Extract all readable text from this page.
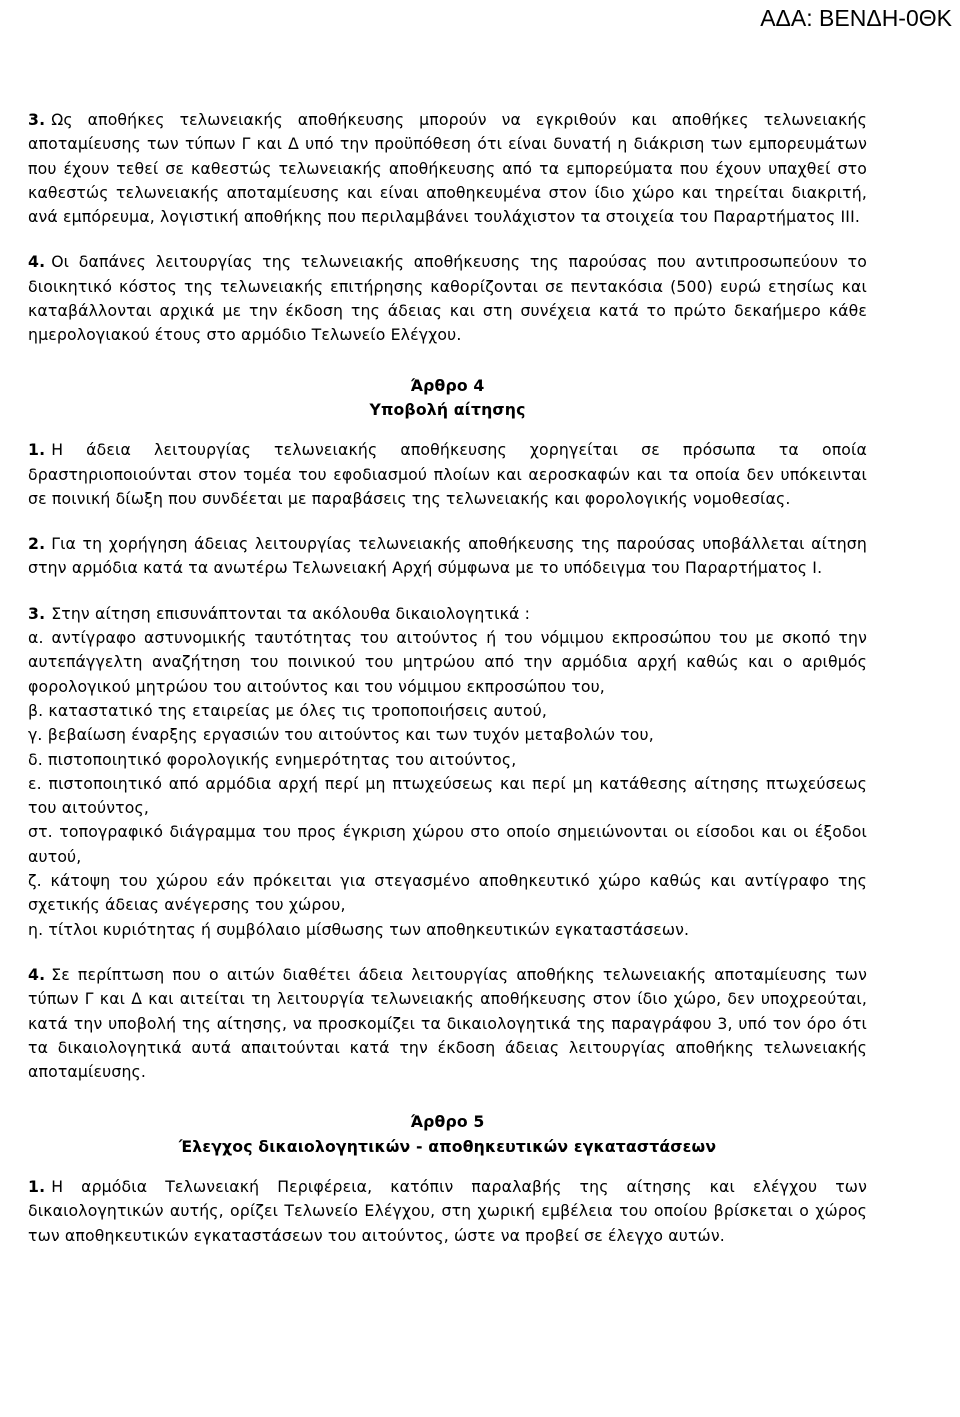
ΑΔΑ: ΒΕΝΔΗ-0ΘΚ

3. Ως αποθήκες τελωνειακής αποθήκευσης μπορούν να εγκριθούν και αποθήκες τελωνειακής αποταμίευσης των τύπων Γ και Δ υπό την προϋπόθεση ότι είναι δυνατή η διάκριση των εμπορευμάτων που έχουν τεθεί σε καθεστώς τελωνειακής αποθήκευσης από τα εμπορεύματα που έχουν υπαχθεί στο καθεστώς τελωνειακής αποταμίευσης και είναι αποθηκευμένα στον ίδιο χώρο και τηρείται διακριτή, ανά εμπόρευμα, λογιστική αποθήκης που περιλαμβάνει τουλάχιστον τα στοιχεία του Παραρτήματος ΙΙΙ.

4. Οι δαπάνες λειτουργίας της τελωνειακής αποθήκευσης της παρούσας που αντιπροσωπεύουν το διοικητικό κόστος της τελωνειακής επιτήρησης καθορίζονται σε πεντακόσια (500) ευρώ ετησίως και καταβάλλονται αρχικά με την έκδοση της άδειας και στη συνέχεια κατά το πρώτο δεκαήμερο κάθε ημερολογιακού έτους στο αρμόδιο Τελωνείο Ελέγχου.

Άρθρο 4

Υποβολή αίτησης

1. Η άδεια λειτουργίας τελωνειακής αποθήκευσης χορηγείται σε πρόσωπα τα οποία δραστηριοποιούνται στον τομέα του εφοδιασμού πλοίων και αεροσκαφών και τα οποία δεν υπόκεινται σε ποινική δίωξη που συνδέεται με παραβάσεις της τελωνειακής και φορολογικής νομοθεσίας.

2. Για τη χορήγηση άδειας λειτουργίας τελωνειακής αποθήκευσης της παρούσας υποβάλλεται αίτηση στην αρμόδια κατά τα ανωτέρω Τελωνειακή Αρχή σύμφωνα με το υπόδειγμα του Παραρτήματος Ι.

3. Στην αίτηση επισυνάπτονται τα ακόλουθα δικαιολογητικά :

α. αντίγραφο αστυνομικής ταυτότητας του αιτούντος ή του νόμιμου εκπροσώπου του με σκοπό την αυτεπάγγελτη αναζήτηση του ποινικού του μητρώου από την αρμόδια αρχή καθώς και ο αριθμός φορολογικού μητρώου του αιτούντος και του νόμιμου εκπροσώπου του,

β. καταστατικό της εταιρείας με όλες τις τροποποιήσεις αυτού,

γ. βεβαίωση έναρξης εργασιών του αιτούντος και των τυχόν μεταβολών του,

δ. πιστοποιητικό φορολογικής ενημερότητας του αιτούντος,

ε. πιστοποιητικό από αρμόδια αρχή περί μη πτωχεύσεως και περί μη κατάθεσης αίτησης πτωχεύσεως του αιτούντος,

στ. τοπογραφικό διάγραμμα του προς έγκριση χώρου στο οποίο σημειώνονται οι είσοδοι και οι έξοδοι αυτού,

ζ. κάτοψη του χώρου εάν πρόκειται για στεγασμένο αποθηκευτικό χώρο καθώς και αντίγραφο της σχετικής άδειας ανέγερσης του χώρου,

η. τίτλοι κυριότητας ή συμβόλαιο μίσθωσης των αποθηκευτικών εγκαταστάσεων.

4. Σε περίπτωση που ο αιτών διαθέτει άδεια λειτουργίας αποθήκης τελωνειακής αποταμίευσης των τύπων Γ και Δ και αιτείται τη λειτουργία τελωνειακής αποθήκευσης στον ίδιο χώρο, δεν υποχρεούται, κατά την υποβολή της αίτησης, να προσκομίζει τα δικαιολογητικά της παραγράφου 3, υπό τον όρο ότι τα δικαιολογητικά αυτά απαιτούνται κατά την έκδοση άδειας λειτουργίας αποθήκης τελωνειακής αποταμίευσης.

Άρθρο 5

Έλεγχος δικαιολογητικών - αποθηκευτικών εγκαταστάσεων

1. Η αρμόδια Τελωνειακή Περιφέρεια, κατόπιν παραλαβής της αίτησης και ελέγχου των δικαιολογητικών αυτής, ορίζει Τελωνείο Ελέγχου, στη χωρική εμβέλεια του οποίου βρίσκεται ο χώρος των αποθηκευτικών εγκαταστάσεων του αιτούντος, ώστε να προβεί σε έλεγχο αυτών.
